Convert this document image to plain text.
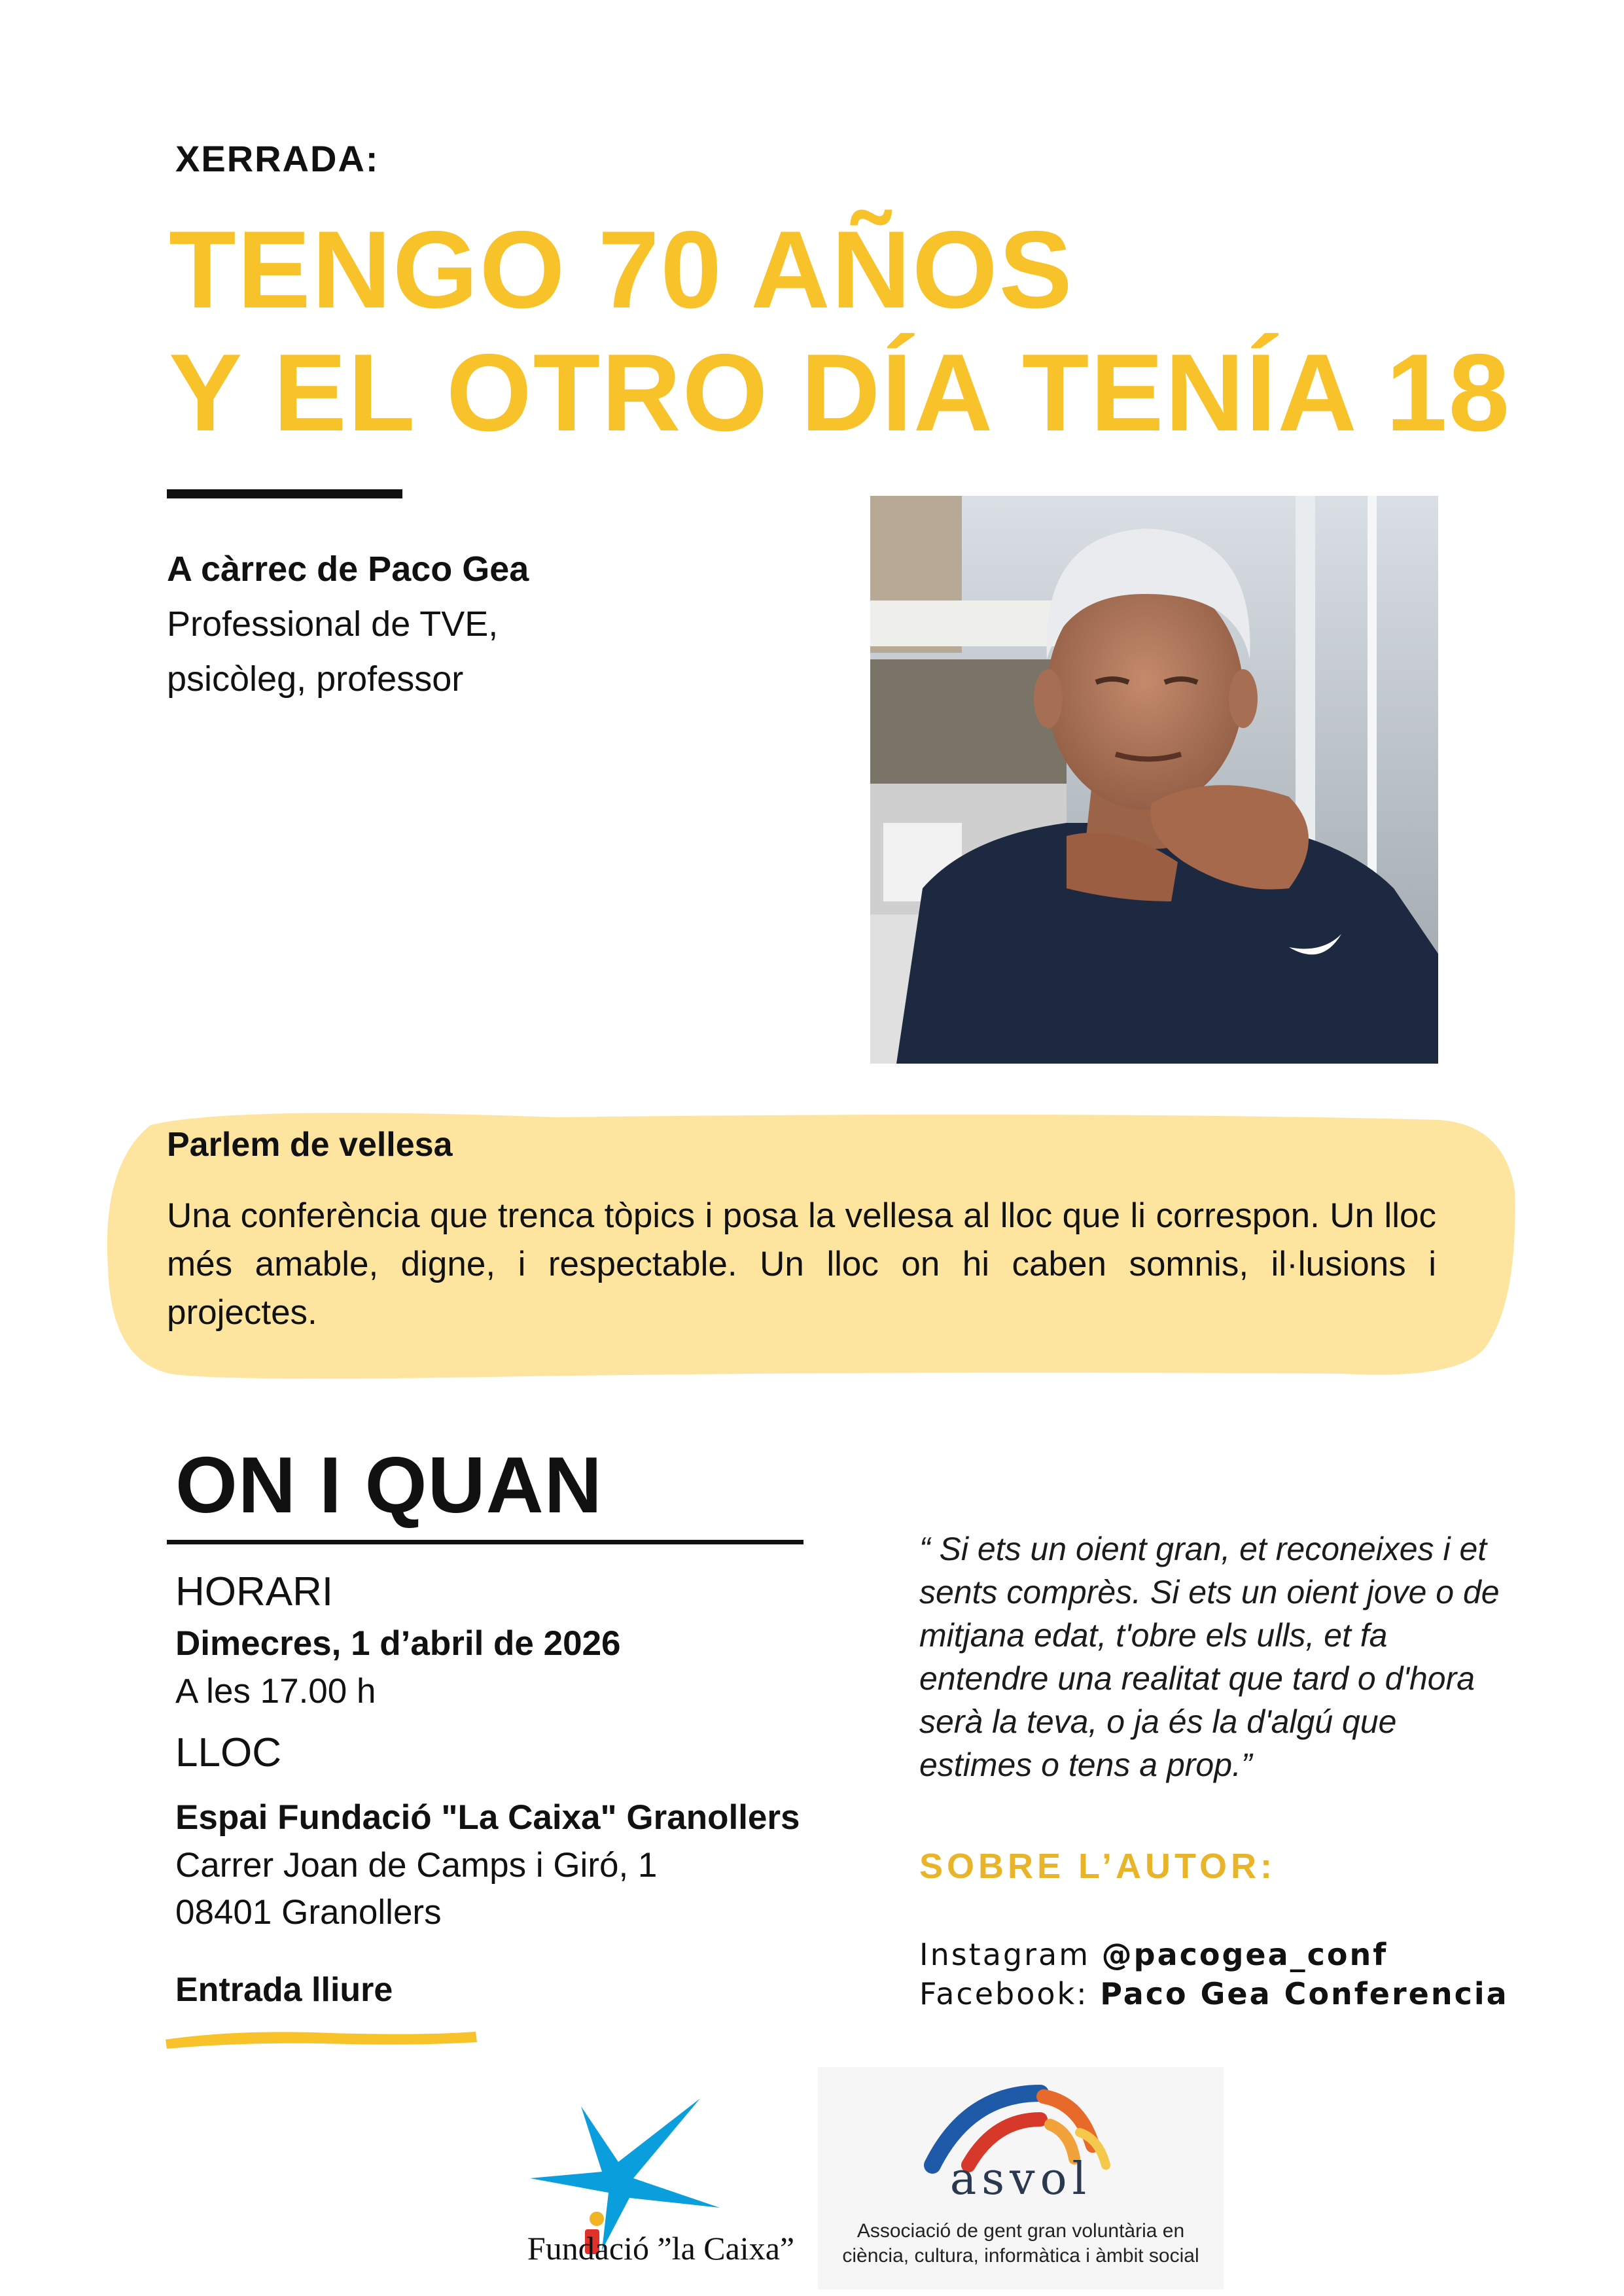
XERRADA:
TENGO 70 AÑOS
Y EL OTRO DÍA TENÍA 18
A càrrec de Paco Gea
Professional de TVE,
psicòleg, professor
Parlem de vellesa
Una conferència que trenca tòpics i posa la vellesa al lloc que li correspon. Un lloc més amable, digne, i respectable. Un lloc on hi caben somnis, il·lusions i projectes.
ON I QUAN
HORARI
Dimecres, 1 d’abril de 2026
A les 17.00 h
LLOC
Espai Fundació "La Caixa" Granollers
Carrer Joan de Camps i Giró, 1
08401 Granollers
Entrada lliure
“ Si ets un oient gran, et reconeixes i et sents comprès. Si ets un oient jove o de mitjana edat, t'obre els ulls, et fa entendre una realitat que tard o d'hora serà la teva, o ja és la d'algú que estimes o tens a prop.”
SOBRE L’AUTOR:
Instagram @pacogea_conf
Facebook: Paco Gea Conferencia
Fundació ”la Caixa”
asvol
Associació de gent gran voluntària en ciència, cultura, informàtica i àmbit social
